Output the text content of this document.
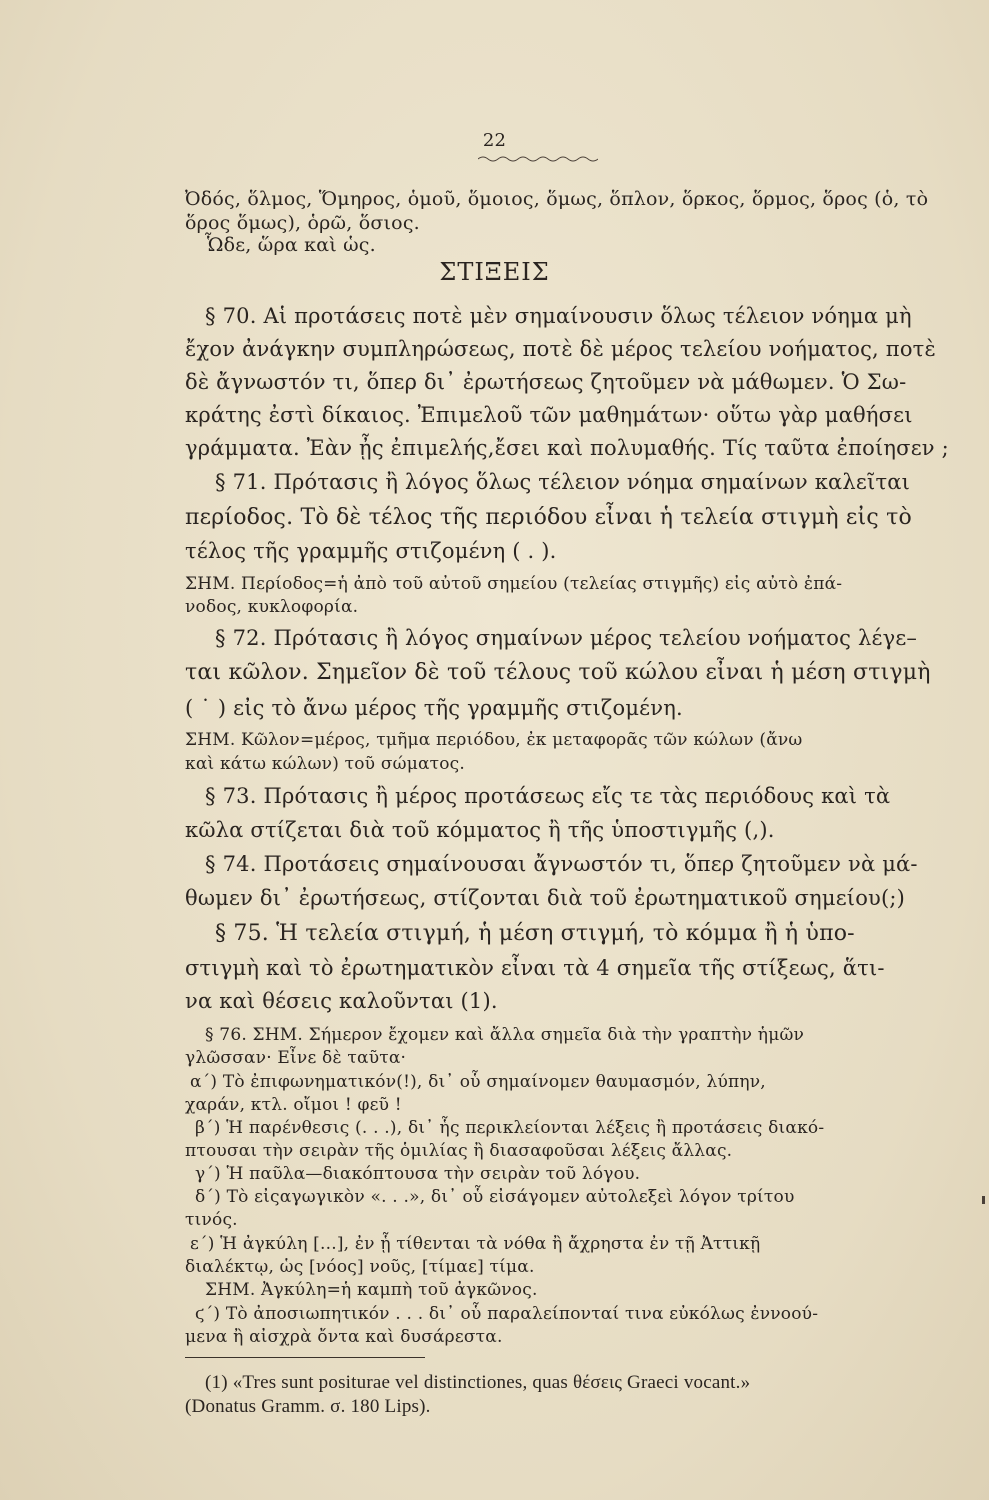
22
Ὀδός, ὅλμος, Ὅμηρος, ὁμοῦ, ὅμοιος, ὅμως, ὅπλον, ὅρκος, ὅρμος, ὅρος (ὁ, τὸ
ὅρος ὅμως), ὁρῶ, ὅσιος.
Ὧδε, ὥρα καὶ ὡς.
ΣΤΙΞΕΙΣ
§ 70. Αἱ προτάσεις ποτὲ μὲν σημαίνουσιν ὅλως τέλειον νόημα μὴ
ἔχον ἀνάγκην συμπληρώσεως, ποτὲ δὲ μέρος τελείου νοήματος, ποτὲ
δὲ ἄγνωστόν τι, ὅπερ δι᾽ ἐρωτήσεως ζητοῦμεν νὰ μάθωμεν. Ὁ Σω-
κράτης ἐστὶ δίκαιος. Ἐπιμελοῦ τῶν μαθημάτων· οὕτω γὰρ μαθήσει
γράμματα. Ἐὰν ᾖς ἐπιμελής,ἔσει καὶ πολυμαθής. Τίς ταῦτα ἐποίησεν ;
§ 71. Πρότασις ἢ λόγος ὅλως τέλειον νόημα σημαίνων καλεῖται
περίοδος. Τὸ δὲ τέλος τῆς περιόδου εἶναι ἡ τελεία στιγμὴ εἰς τὸ
τέλος τῆς γραμμῆς στιζομένη ( . ).
ΣΗΜ. Περίοδος=ἡ ἀπὸ τοῦ αὐτοῦ σημείου (τελείας στιγμῆς) εἰς αὐτὸ ἐπά-
νοδος, κυκλοφορία.
§ 72. Πρότασις ἢ λόγος σημαίνων μέρος τελείου νοήματος λέγε–
ται κῶλον. Σημεῖον δὲ τοῦ τέλους τοῦ κώλου εἶναι ἡ μέση στιγμὴ
( ˙ ) εἰς τὸ ἄνω μέρος τῆς γραμμῆς στιζομένη.
ΣΗΜ. Κῶλον=μέρος, τμῆμα περιόδου, ἐκ μεταφορᾶς τῶν κώλων (ἄνω
καὶ κάτω κώλων) τοῦ σώματος.
§ 73. Πρότασις ἢ μέρος προτάσεως εἴς τε τὰς περιόδους καὶ τὰ
κῶλα στίζεται διὰ τοῦ κόμματος ἢ τῆς ὑποστιγμῆς (,).
§ 74. Προτάσεις σημαίνουσαι ἄγνωστόν τι, ὅπερ ζητοῦμεν νὰ μά-
θωμεν δι᾽ ἐρωτήσεως, στίζονται διὰ τοῦ ἐρωτηματικοῦ σημείου(;)
§ 75. Ἡ τελεία στιγμή, ἡ μέση στιγμή, τὸ κόμμα ἢ ἡ ὑπο-
στιγμὴ καὶ τὸ ἐρωτηματικὸν εἶναι τὰ 4 σημεῖα τῆς στίξεως, ἅτι-
να καὶ θέσεις καλοῦνται (1).
§ 76. ΣΗΜ. Σήμερον ἔχομεν καὶ ἄλλα σημεῖα διὰ τὴν γραπτὴν ἡμῶν
γλῶσσαν· Εἶνε δὲ ταῦτα·
α΄) Τὸ ἐπιφωνηματικόν(!), δι᾽ οὗ σημαίνομεν θαυμασμόν, λύπην,
χαράν, κτλ. οἴμοι ! φεῦ !
β΄) Ἡ παρένθεσις (. . .), δι᾽ ἧς περικλείονται λέξεις ἢ προτάσεις διακό-
πτουσαι τὴν σειρὰν τῆς ὁμιλίας ἢ διασαφοῦσαι λέξεις ἄλλας.
γ΄) Ἡ παῦλα—διακόπτουσα τὴν σειρὰν τοῦ λόγου.
δ΄) Τὸ εἰςαγωγικὸν «. . .», δι᾽ οὗ εἰσάγομεν αὐτολεξεὶ λόγον τρίτου
τινός.
ε΄) Ἡ ἀγκύλη [...], ἐν ᾗ τίθενται τὰ νόθα ἢ ἄχρηστα ἐν τῇ Ἀττικῇ
διαλέκτῳ, ὡς [νόος] νοῦς, [τίμαε] τίμα.
ΣΗΜ. Ἀγκύλη=ἡ καμπὴ τοῦ ἀγκῶνος.
ϛ΄) Τὸ ἀποσιωπητικόν . . . δι᾽ οὗ παραλείπονταί τινα εὐκόλως ἐννοού-
μενα ἢ αἰσχρὰ ὄντα καὶ δυσάρεστα.
(1) «Tres sunt positurae vel distinctiones, quas θέσεις Graeci vocant.»
(Donatus Gramm. σ. 180 Lips).
